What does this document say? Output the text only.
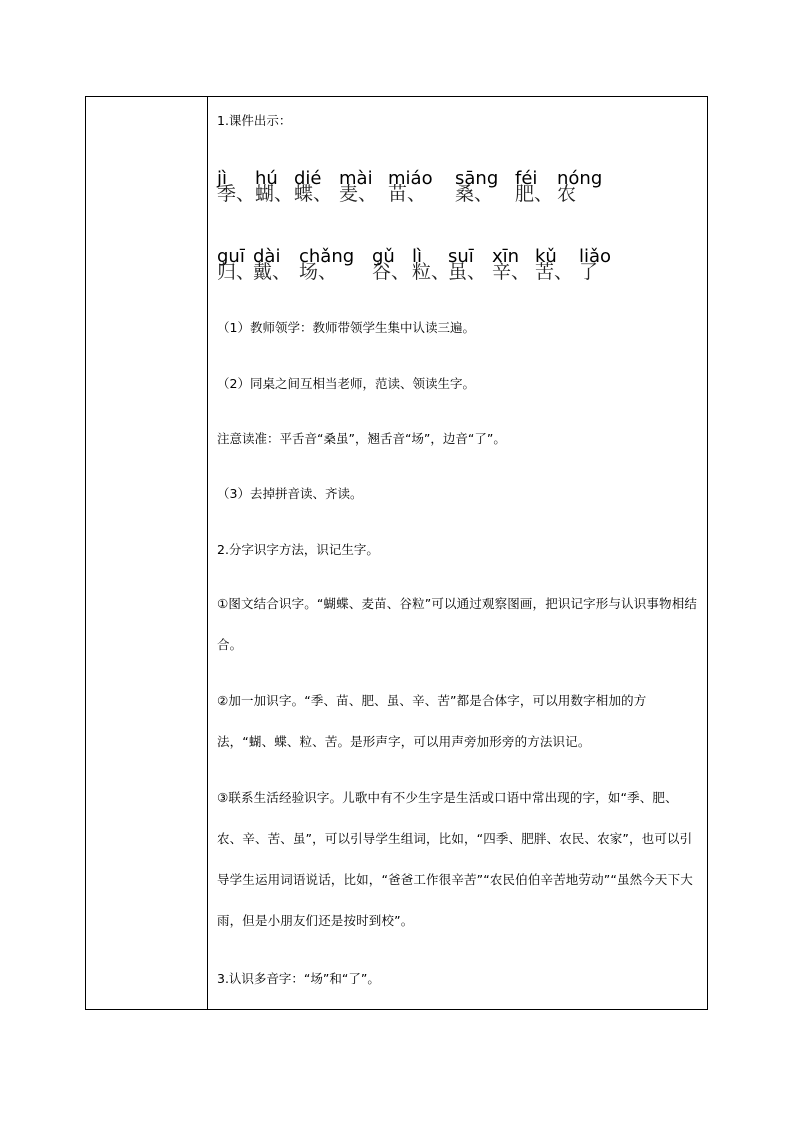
1.课件出示：

jì
季、
hú
蝴、
dié
蝶、
mài
麦、
miáo
苗、
sāng
桑、
féi
肥、
nóng
农
guī
归、
dài
戴、
chǎng
场、
gǔ
谷、
lì
粒、
suī
虽、
xīn
辛、
kǔ
苦、
liǎo
了

（1）教师领学：教师带领学生集中认读三遍。

（2）同桌之间互相当老师，范读、领读生字。

注意读准：平舌音“桑虽”，翘舌音“场”，边音“了”。

（3）去掉拼音读、齐读。

2.分字识字方法，识记生字。

①图文结合识字。“蝴蝶、麦苗、谷粒”可以通过观察图画，把识记字形与认识事物相结合。

②加一加识字。“季、苗、肥、虽、辛、苦”都是合体字，可以用数字相加的方法，“蝴、蝶、粒、苦。是形声字，可以用声旁加形旁的方法识记。

③联系生活经验识字。儿歌中有不少生字是生活或口语中常出现的字，如“季、肥、农、辛、苦、虽”，可以引导学生组词，比如，“四季、肥胖、农民、农家”，也可以引导学生运用词语说话，比如，“爸爸工作很辛苦”“农民伯伯辛苦地劳动”“虽然今天下大雨，但是小朋友们还是按时到校”。

3.认识多音字：“场”和“了”。
